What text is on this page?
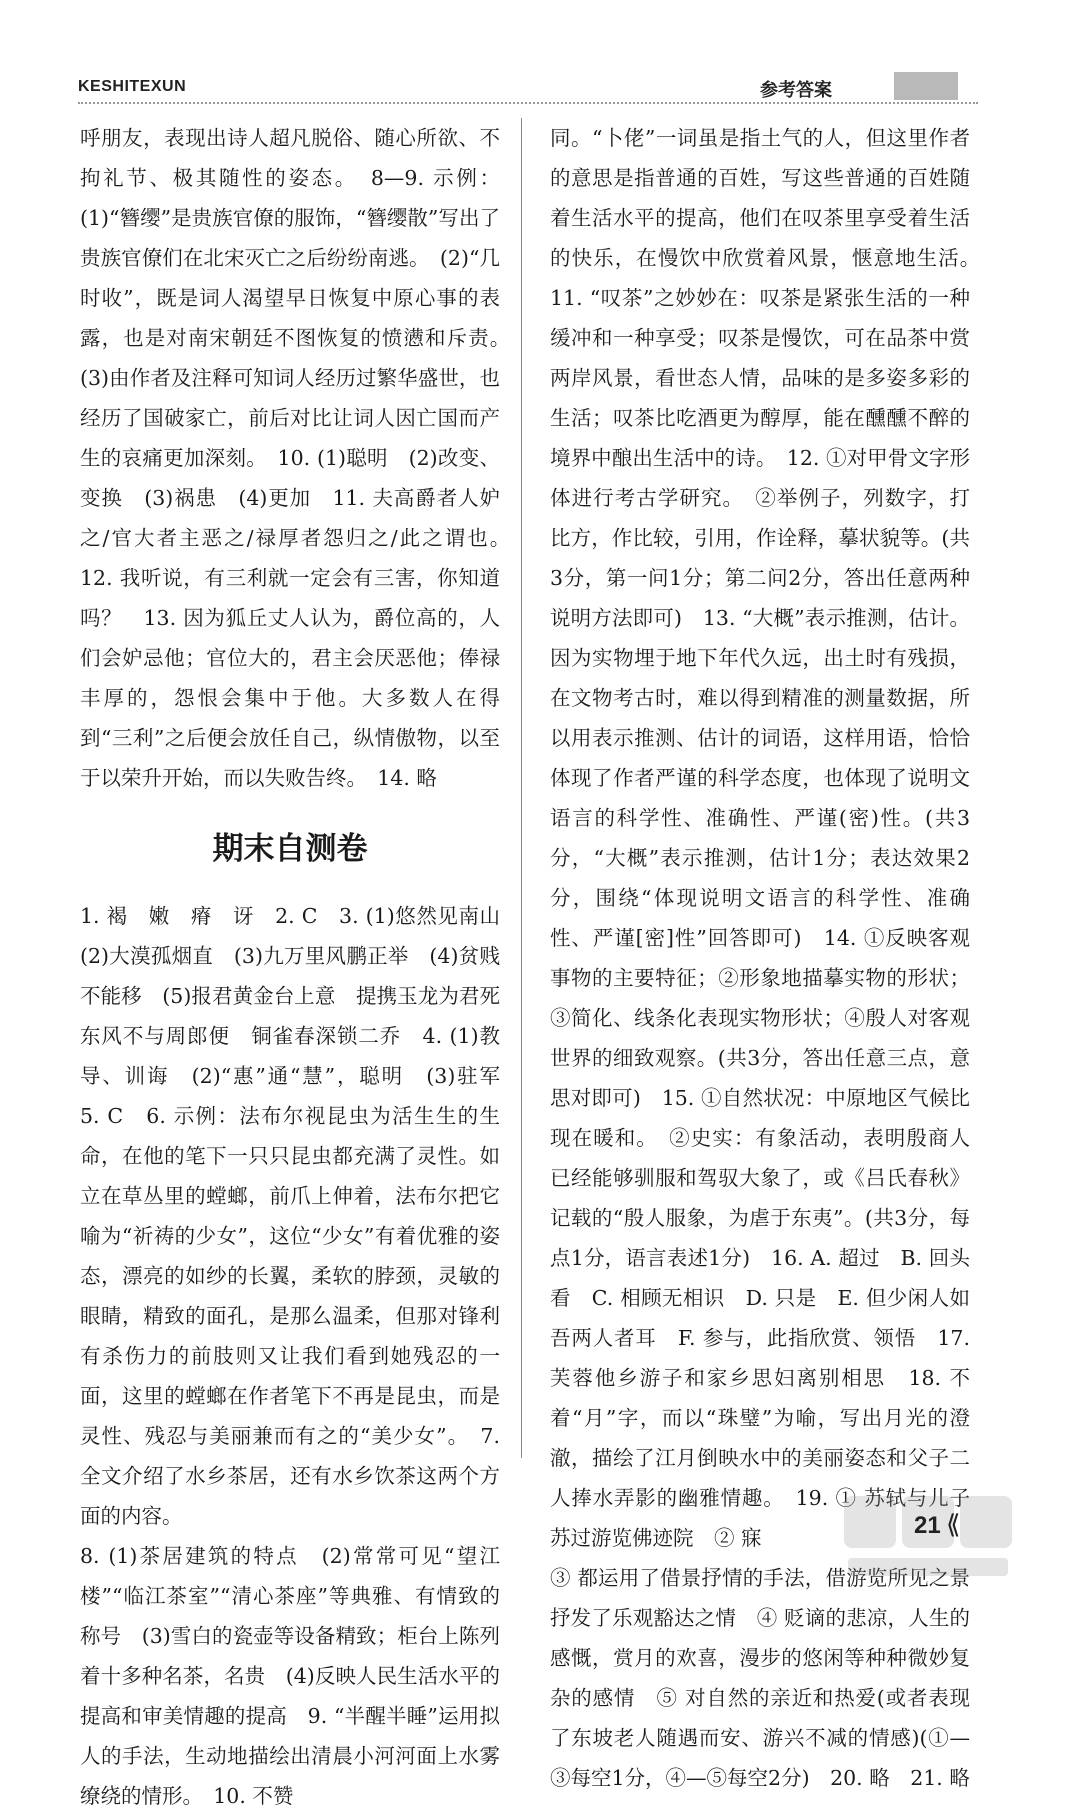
KESHITEXUN	参考答案

呼朋友，表现出诗人超凡脱俗、随心所欲、不拘礼节、极其随性的姿态。　8—9. 示例：(1)“簪缨”是贵族官僚的服饰，“簪缨散”写出了贵族官僚们在北宋灭亡之后纷纷南逃。　(2)“几时收”，既是词人渴望早日恢复中原心事的表露，也是对南宋朝廷不图恢复的愤懑和斥责。　(3)由作者及注释可知词人经历过繁华盛世，也经历了国破家亡，前后对比让词人因亡国而产生的哀痛更加深刻。　10. (1)聪明　(2)改变、变换　(3)祸患　(4)更加　11. 夫高爵者人妒之/官大者主恶之/禄厚者怨归之/此之谓也。　12. 我听说，有三利就一定会有三害，你知道吗？　13. 因为狐丘丈人认为，爵位高的，人们会妒忌他；官位大的，君主会厌恶他；俸禄丰厚的，怨恨会集中于他。大多数人在得到“三利”之后便会放任自己，纵情傲物，以至于以荣升开始，而以失败告终。　14. 略

期末自测卷

1. 褐　嫩　瘠　讶　2. C　3. (1)悠然见南山　(2)大漠孤烟直　(3)九万里风鹏正举　(4)贫贱不能移　(5)报君黄金台上意　提携玉龙为君死　东风不与周郎便　铜雀春深锁二乔　4. (1)教导、训诲　(2)“惠”通“慧”，聪明　(3)驻军　5. C　6. 示例：法布尔视昆虫为活生生的生命，在他的笔下一只只昆虫都充满了灵性。如立在草丛里的螳螂，前爪上伸着，法布尔把它喻为“祈祷的少女”，这位“少女”有着优雅的姿态，漂亮的如纱的长翼，柔软的脖颈，灵敏的眼睛，精致的面孔，是那么温柔，但那对锋利有杀伤力的前肢则又让我们看到她残忍的一面，这里的螳螂在作者笔下不再是昆虫，而是灵性、残忍与美丽兼而有之的“美少女”。　7. 全文介绍了水乡茶居，还有水乡饮茶这两个方面的内容。

8. (1)茶居建筑的特点　(2)常常可见“望江楼”“临江茶室”“清心茶座”等典雅、有情致的称号　(3)雪白的瓷壶等设备精致；柜台上陈列着十多种名茶，名贵　(4)反映人民生活水平的提高和审美情趣的提高　9. “半醒半睡”运用拟人的手法，生动地描绘出清晨小河河面上水雾缭绕的情形。　10. 不赞

同。“卜佬”一词虽是指土气的人，但这里作者的意思是指普通的百姓，写这些普通的百姓随着生活水平的提高，他们在叹茶里享受着生活的快乐，在慢饮中欣赏着风景，惬意地生活。　11. “叹茶”之妙妙在：叹茶是紧张生活的一种缓冲和一种享受；叹茶是慢饮，可在品茶中赏两岸风景，看世态人情，品味的是多姿多彩的生活；叹茶比吃酒更为醇厚，能在醺醺不醉的境界中酿出生活中的诗。　12. ①对甲骨文字形体进行考古学研究。　②举例子，列数字，打比方，作比较，引用，作诠释，摹状貌等。(共3分，第一问1分；第二问2分，答出任意两种说明方法即可)　13. “大概”表示推测，估计。因为实物埋于地下年代久远，出土时有残损，在文物考古时，难以得到精准的测量数据，所以用表示推测、估计的词语，这样用语，恰恰体现了作者严谨的科学态度，也体现了说明文语言的科学性、准确性、严谨(密)性。(共3分，“大概”表示推测，估计1分；表达效果2分，围绕“体现说明文语言的科学性、准确性、严谨[密]性”回答即可)　14. ①反映客观事物的主要特征；②形象地描摹实物的形状；③简化、线条化表现实物形状；④殷人对客观世界的细致观察。(共3分，答出任意三点，意思对即可)　15. ①自然状况：中原地区气候比现在暖和。　②史实：有象活动，表明殷商人已经能够驯服和驾驭大象了，或《吕氏春秋》记载的“殷人服象，为虐于东夷”。(共3分，每点1分，语言表述1分)　16. A. 超过　B. 回头看　C. 相顾无相识　D. 只是　E. 但少闲人如吾两人者耳　F. 参与，此指欣赏、领悟　17. 芙蓉他乡游子和家乡思妇离别相思　18. 不着“月”字，而以“珠璧”为喻，写出月光的澄澈，描绘了江月倒映水中的美丽姿态和父子二人捧水弄影的幽雅情趣。　19. ① 苏轼与儿子苏过游览佛迹院　② 寐

③ 都运用了借景抒情的手法，借游览所见之景抒发了乐观豁达之情　④ 贬谪的悲凉，人生的感慨，赏月的欢喜，漫步的悠闲等种种微妙复杂的感情　⑤ 对自然的亲近和热爱(或者表现了东坡老人随遇而安、游兴不减的情感)(①—③每空1分，④—⑤每空2分)　20. 略　21. 略

21 ⟪
